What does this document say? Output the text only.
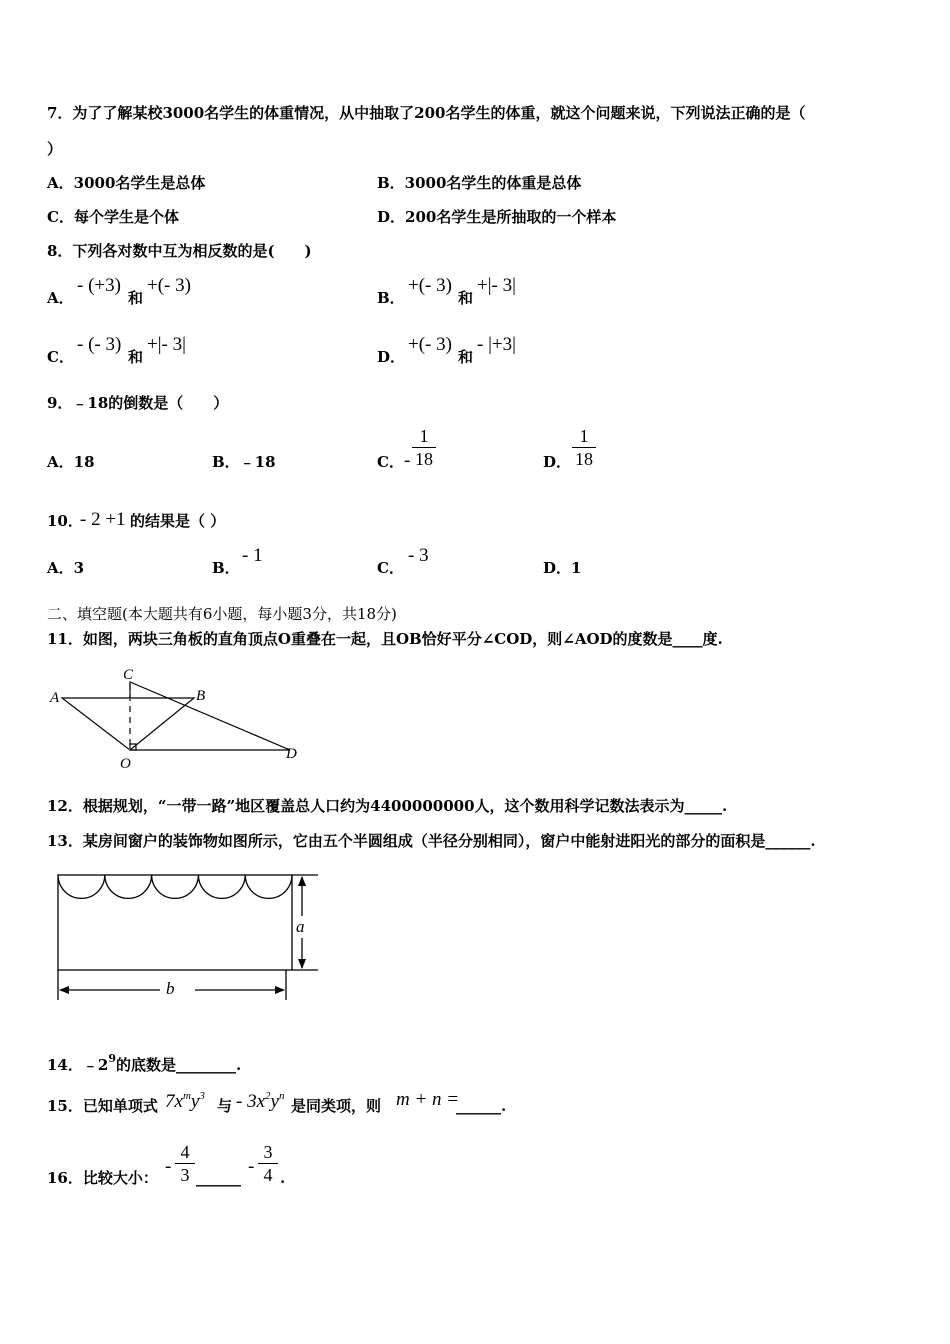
7．为了了解某校3000名学生的体重情况，从中抽取了200名学生的体重，就这个问题来说，下列说法正确的是（
）
A．3000名学生是总体	B．3000名学生的体重是总体
C．每个学生是个体	D．200名学生是所抽取的一个样本
8．下列各对数中互为相反数的是(　　)
A．
- (+3)
和
+(- 3)
B．
+(- 3)
和
+|- 3|
C．
- (- 3)
和
+|- 3|
D．
+(- 3)
和
- |+3|
9．﹣18的倒数是（　　）
A．18	B．﹣18	C． -
1
18	D．
1
18
10．
- 2 +1 的结果是（ ）
A．3	B．
- 1
C．
- 3
D．1
二、填空题(本大题共有6小题，每小题3分，共18分)
11．如图，两块三角板的直角顶点O重叠在一起，且OB恰好平分∠COD，则∠AOD的度数是____度.
A	B
C
D
O
12．根据规划，“一带一路”地区覆盖总人口约为4400000000人，这个数用科学记数法表示为_____.
13．某房间窗户的装饰物如图所示，它由五个半圆组成（半径分别相同），窗户中能射进阳光的部分的面积是______.
a
b
14．$﹣2^9$的底数是________.
15．已知单项式 $7x^my^3$
与 - $3x^2y^n$
是同类项，则 m + n =
______.
16．比较大小：
-
4
3 ______
-
3
4 .
